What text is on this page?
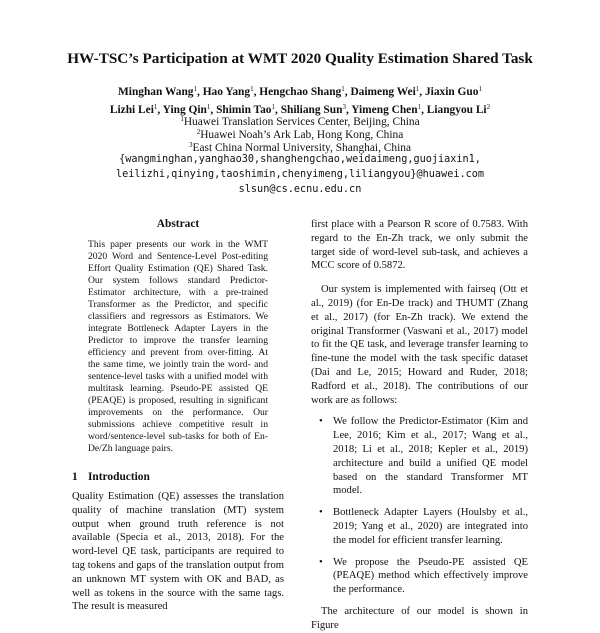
HW-TSC’s Participation at WMT 2020 Quality Estimation Shared Task
Minghan Wang$^1$, Hao Yang$^1$, Hengchao Shang$^1$, Daimeng Wei$^1$, Jiaxin Guo$^1$
Lizhi Lei$^1$, Ying Qin$^1$, Shimin Tao$^1$, Shiliang Sun$^3$, Yimeng Chen$^1$, Liangyou Li$^2$
$^1$Huawei Translation Services Center, Beijing, China
$^2$Huawei Noah’s Ark Lab, Hong Kong, China
$^3$East China Normal University, Shanghai, China
{wangminghan,yanghao30,shanghengchao,weidaimeng,guojiaxin1,
leilizhi,qinying,taoshimin,chenyimeng,liliangyou}@huawei.com
slsun@cs.ecnu.edu.cn
Abstract

This paper presents our work in the WMT 2020 Word and Sentence-Level Post-editing Effort Quality Estimation (QE) Shared Task. Our system follows standard Predictor-Estimator architecture, with a pre-trained Transformer as the Predictor, and specific classifiers and regressors as Estimators. We integrate Bottleneck Adapter Layers in the Predictor to improve the transfer learning efficiency and prevent from over-fitting. At the same time, we jointly train the word- and sentence-level tasks with a unified model with multitask learning. Pseudo-PE assisted QE (PEAQE) is proposed, resulting in significant improvements on the performance. Our submissions achieve competitive result in word/sentence-level sub-tasks for both of En-De/Zh language pairs.

1 Introduction

Quality Estimation (QE) assesses the translation quality of machine translation (MT) system output when ground truth reference is not available (Specia et al., 2013, 2018). For the word-level QE task, participants are required to tag tokens and gaps of the translation output from an unknown MT system with OK and BAD, as well as tokens in the source with the same tags. The result is measured

first place with a Pearson R score of 0.7583. With regard to the En-Zh track, we only submit the target side of word-level sub-task, and achieves a MCC score of 0.5872.

Our system is implemented with fairseq (Ott et al., 2019) (for En-De track) and THUMT (Zhang et al., 2017) (for En-Zh track). We extend the original Transformer (Vaswani et al., 2017) model to fit the QE task, and leverage transfer learning to fine-tune the model with the task specific dataset (Dai and Le, 2015; Howard and Ruder, 2018; Radford et al., 2018). The contributions of our work are as follows:

• We follow the Predictor-Estimator (Kim and Lee, 2016; Kim et al., 2017; Wang et al., 2018; Li et al., 2018; Kepler et al., 2019) architecture and build a unified QE model based on the standard Transformer MT model.
• Bottleneck Adapter Layers (Houlsby et al., 2019; Yang et al., 2020) are integrated into the model for efficient transfer learning.
• We propose the Pseudo-PE assisted QE (PEAQE) method which effectively improve the performance.

The architecture of our model is shown in Figure
